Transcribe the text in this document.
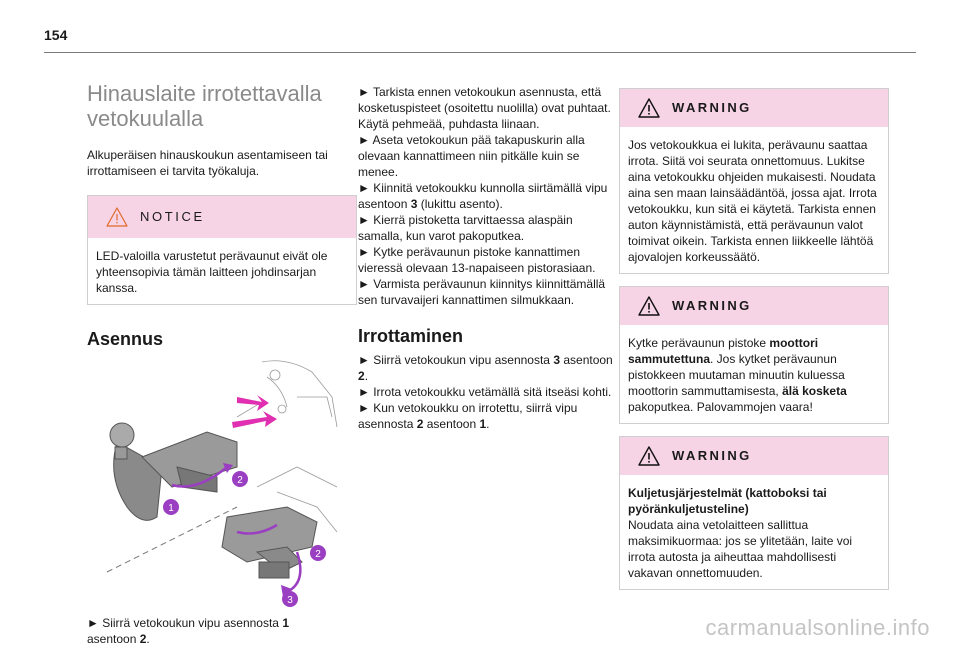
154
Hinauslaite irrotettavalla vetokuulalla
Alkuperäisen hinauskoukun asentamiseen tai irrottamiseen ei tarvita työkaluja.
NOTICE
LED-valoilla varustetut perävaunut eivät ole yhteensopivia tämän laitteen johdinsarjan kanssa.
Asennus
2
1
2
3
► Siirrä vetokoukun vipu asennosta 1
asentoon 2.
► Tarkista ennen vetokoukun asennusta, että kosketuspisteet (osoitettu nuolilla) ovat puhtaat. Käytä pehmeää, puhdasta liinaan.
► Aseta vetokoukun pää takapuskurin alla olevaan kannattimeen niin pitkälle kuin se menee.
► Kiinnitä vetokoukku kunnolla siirtämällä vipu asentoon 3 (lukittu asento).
► Kierrä pistoketta tarvittaessa alaspäin samalla, kun varot pakoputkea.
► Kytke perävaunun pistoke kannattimen vieressä olevaan 13-napaiseen pistorasiaan.
► Varmista perävaunun kiinnitys kiinnittämällä sen turvavaijeri kannattimen silmukkaan.
Irrottaminen
► Siirrä vetokoukun vipu asennosta 3 asentoon 2.
► Irrota vetokoukku vetämällä sitä itseäsi kohti.
► Kun vetokoukku on irrotettu, siirrä vipu asennosta 2 asentoon 1.
WARNING
Jos vetokoukkua ei lukita, perävaunu saattaa irrota. Siitä voi seurata onnettomuus. Lukitse aina vetokoukku ohjeiden mukaisesti. Noudata aina sen maan lainsäädäntöä, jossa ajat. Irrota vetokoukku, kun sitä ei käytetä. Tarkista ennen auton käynnistämistä, että perävaunun valot toimivat oikein. Tarkista ennen liikkeelle lähtöä ajovalojen korkeussäätö.
WARNING
Kytke perävaunun pistoke moottori sammutettuna. Jos kytket perävaunun pistokkeen muutaman minuutin kuluessa moottorin sammuttamisesta, älä kosketa pakoputkea. Palovammojen vaara!
WARNING
Kuljetusjärjestelmät (kattoboksi tai pyöränkuljetusteline)
Noudata aina vetolaitteen sallittua maksimikuormaa: jos se ylitetään, laite voi irrota autosta ja aiheuttaa mahdollisesti vakavan onnettomuuden.
carmanualsonline.info
